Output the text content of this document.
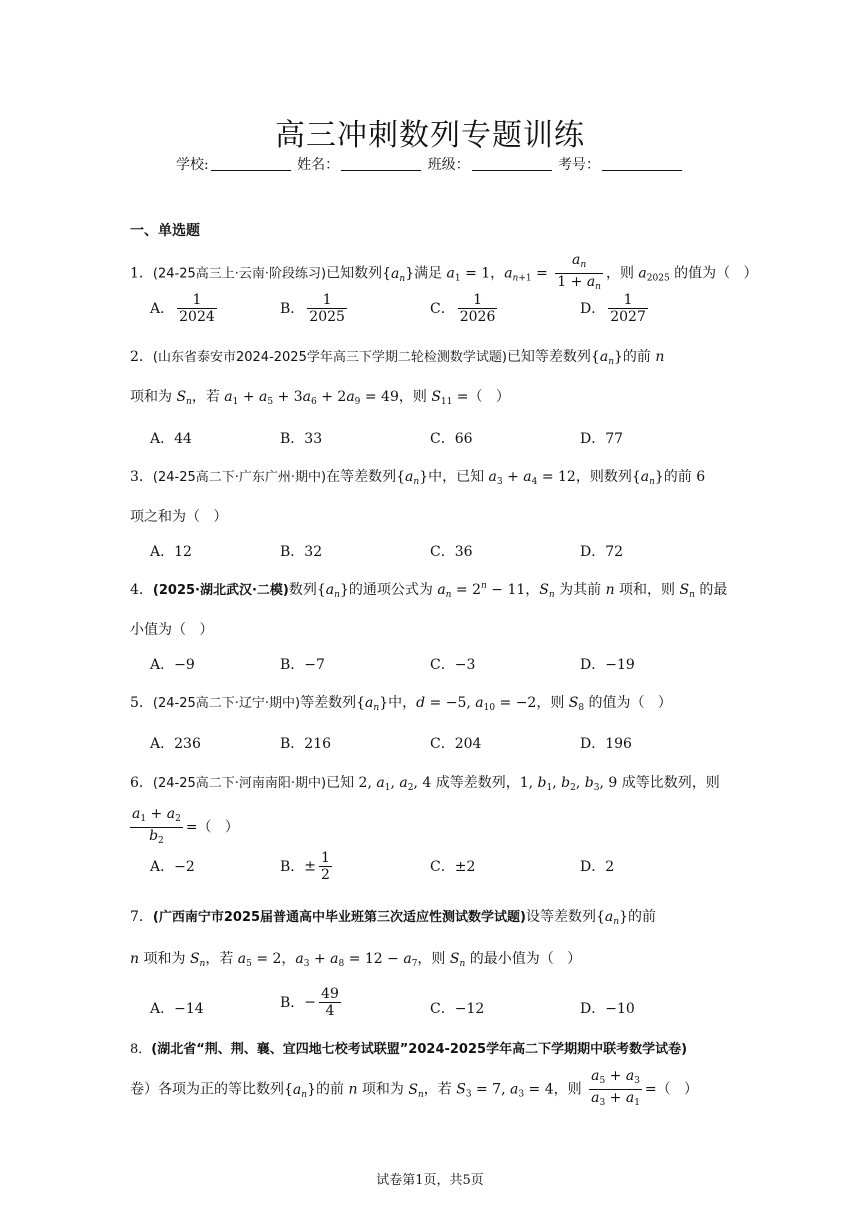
高三冲刺数列专题训练
学校:	姓名：	班级：	考号：
一、单选题
1．(24-25高三上·云南·阶段练习)已知数列$\{a_n\}$满足 $a_1 = 1$，$a_{n+1} = \frac{a_n}{1 + a_n}$ ，则 $a_{2025}$ 的值为（   ）
A． $\frac{1}{2024}$	B． $\frac{1}{2025}$	C． $\frac{1}{2026}$	D． $\frac{1}{2027}$
2．(山东省泰安市2024-2025学年高三下学期二轮检测数学试题)已知等差数列$\{a_n\}$的前 n
项和为 $S_n$，若 $a_1 + a_5 + 3a_6 + 2a_9 = 49$，则 $S_{11}$ =（   ）
A．44	B．33	C．66	D．77
3．(24-25高二下·广东广州·期中)在等差数列$\{a_n\}$中，已知 $a_3 + a_4 = 12$，则数列$\{a_n\}$的前 6
项之和为（   ）
A．12	B．32	C．36	D．72
4．(2025·湖北武汉·二模)数列$\{a_n\}$的通项公式为 $a_n = 2^n - 11$，$S_n$ 为其前 n 项和，则 $S_n$ 的最
小值为（   ）
A．−9	B．−7	C．−3	D．−19
5．(24-25高二下·辽宁·期中)等差数列$\{a_n\}$中，d = −5, $a_{10} = -2$，则 $S_8$ 的值为（   ）
A．236	B．216	C．204	D．196
6．(24-25高二下·河南南阳·期中)已知 2, $a_1$, $a_2$, 4 成等差数列，1, $b_1$, $b_2$, $b_3$, 9 成等比数列，则
$\frac{a_1 + a_2}{b_2}$ =（   ）
A．−2	B．± $\frac{1}{2}$	C．±2	D．2
7．(广西南宁市2025届普通高中毕业班第三次适应性测试数学试题)设等差数列$\{a_n\}$的前
n 项和为 $S_n$，若 $a_5 = 2$，$a_3 + a_8 = 12 - a_7$，则 $S_n$ 的最小值为（   ）
A．−14	B．− $\frac{49}{4}$	C．−12	D．−10
8．(湖北省“荆、荆、襄、宜四地七校考试联盟”2024-2025学年高二下学期期中联考数学试卷)
卷）各项为正的等比数列$\{a_n\}$的前 n 项和为 $S_n$，若 $S_3 = 7$, $a_3 = 4$，则 $\frac{a_5 + a_3}{a_3 + a_1}$ =（   ）
试卷第1页，共5页
